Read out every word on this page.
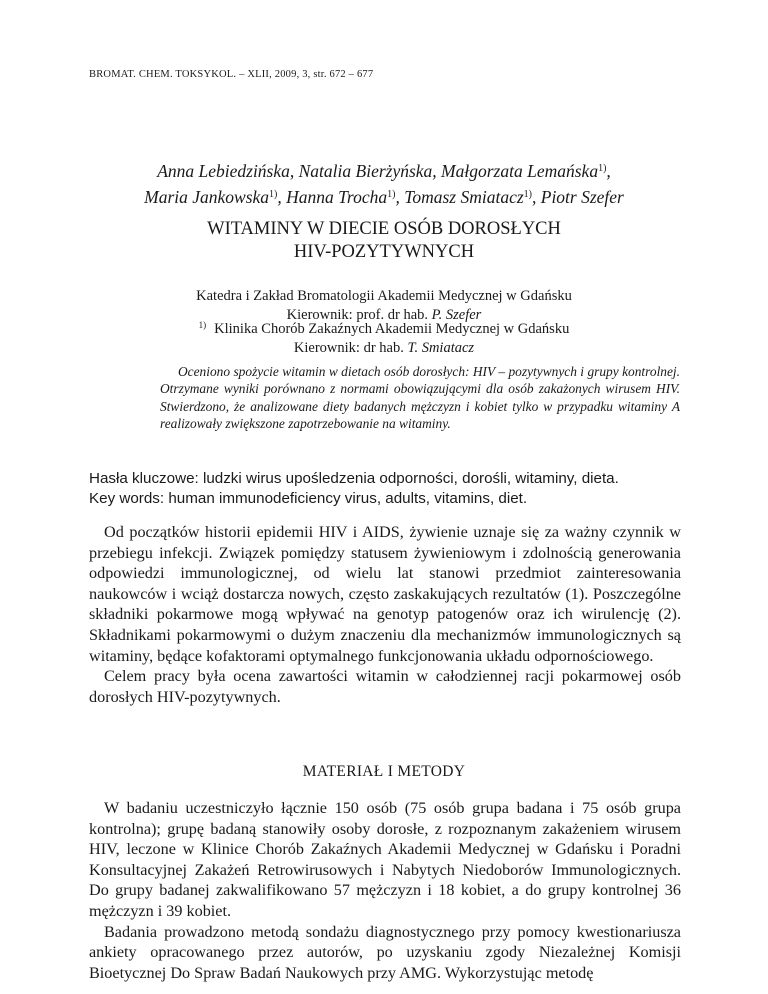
BROMAT. CHEM. TOKSYKOL. – XLII, 2009, 3, str. 672 – 677
Anna Lebiedzińska, Natalia Bierżyńska, Małgorzata Lemańska$^{1)}$,
Maria Jankowska$^{1)}$, Hanna Trocha$^{1)}$, Tomasz Smiatacz$^{1)}$, Piotr Szefer
WITAMINY W DIECIE OSÓB DOROSŁYCH
HIV-POZYTYWNYCH
Katedra i Zakład Bromatologii Akademii Medycznej w Gdańsku
Kierownik: prof. dr hab. P. Szefer
$^{1)}$ Klinika Chorób Zakaźnych Akademii Medycznej w Gdańsku
Kierownik: dr hab. T. Smiatacz
Oceniono spożycie witamin w dietach osób dorosłych: HIV – pozytywnych i grupy kontrolnej. Otrzymane wyniki porównano z normami obowiązującymi dla osób zakażonych wirusem HIV. Stwierdzono, że analizowane diety badanych mężczyzn i kobiet tylko w przypadku witaminy A realizowały zwiększone zapotrzebowanie na witaminy.
Hasła kluczowe: ludzki wirus upośledzenia odporności, dorośli, witaminy, dieta.
Key words: human immunodeficiency virus, adults, vitamins, diet.

Od początków historii epidemii HIV i AIDS, żywienie uznaje się za ważny czynnik w przebiegu infekcji. Związek pomiędzy statusem żywieniowym i zdolnością generowania odpowiedzi immunologicznej, od wielu lat stanowi przedmiot zainteresowania naukowców i wciąż dostarcza nowych, często zaskakujących rezultatów (1). Poszczególne składniki pokarmowe mogą wpływać na genotyp patogenów oraz ich wirulencję (2). Składnikami pokarmowymi o dużym znaczeniu dla mechanizmów immunologicznych są witaminy, będące kofaktorami optymalnego funkcjonowania układu odpornościowego.

Celem pracy była ocena zawartości witamin w całodziennej racji pokarmowej osób dorosłych HIV-pozytywnych.

MATERIAŁ I METODY

W badaniu uczestniczyło łącznie 150 osób (75 osób grupa badana i 75 osób grupa kontrolna); grupę badaną stanowiły osoby dorosłe, z rozpoznanym zakażeniem wirusem HIV, leczone w Klinice Chorób Zakaźnych Akademii Medycznej w Gdańsku i Poradni Konsultacyjnej Zakażeń Retrowirusowych i Nabytych Niedoborów Immunologicznych. Do grupy badanej zakwalifikowano 57 mężczyzn i 18 kobiet, a do grupy kontrolnej 36 mężczyzn i 39 kobiet.

Badania prowadzono metodą sondażu diagnostycznego przy pomocy kwestionariusza ankiety opracowanego przez autorów, po uzyskaniu zgody Niezależnej Komisji Bioetycznej Do Spraw Badań Naukowych przy AMG. Wykorzystując metodę
